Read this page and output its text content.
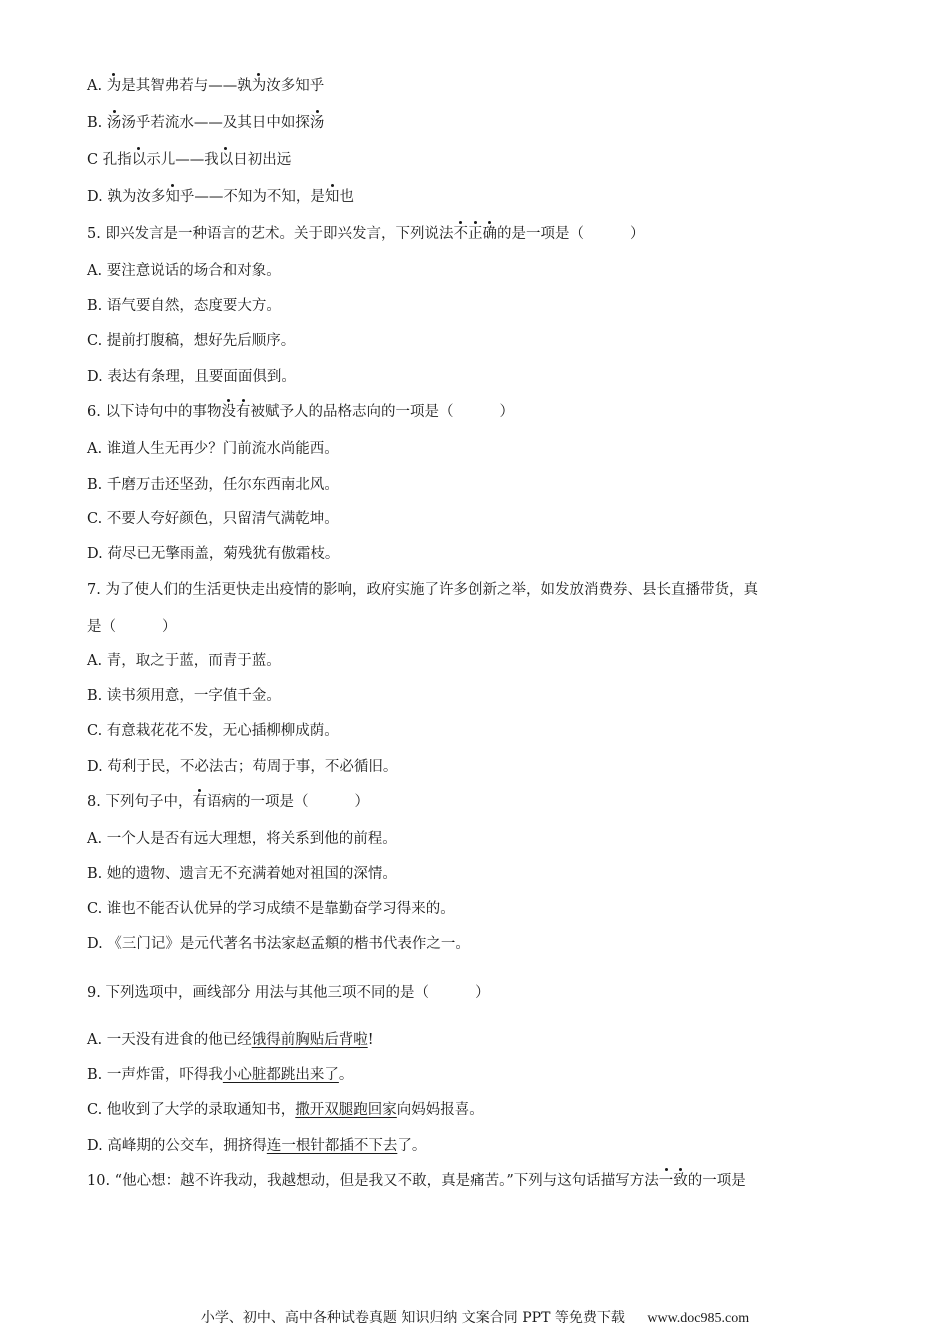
A. 为是其智弗若与——孰为汝多知乎
B. 汤汤乎若流水——及其日中如探汤
C 孔指以示儿——我以日初出远
D. 孰为汝多知乎——不知为不知，是知也
5. 即兴发言是一种语言的艺术。关于即兴发言，下列说法不正确的是一项是（	）
A. 要注意说话的场合和对象。
B. 语气要自然，态度要大方。
C. 提前打腹稿，想好先后顺序。
D. 表达有条理，且要面面俱到。
6. 以下诗句中的事物没有被赋予人的品格志向的一项是（	）
A. 谁道人生无再少？门前流水尚能西。
B. 千磨万击还坚劲，任尔东西南北风。
C. 不要人夸好颜色，只留清气满乾坤。
D. 荷尽已无擎雨盖，菊残犹有傲霜枝。
7. 为了使人们的生活更快走出疫情的影响，政府实施了许多创新之举，如发放消费券、县长直播带货，真
是（	）
A. 青，取之于蓝，而青于蓝。
B. 读书须用意，一字值千金。
C. 有意栽花花不发，无心插柳柳成荫。
D. 苟利于民，不必法古；苟周于事，不必循旧。
8. 下列句子中，有语病的一项是（	）
A. 一个人是否有远大理想，将关系到他的前程。
B. 她的遗物、遗言无不充满着她对祖国的深情。
C. 谁也不能否认优异的学习成绩不是靠勤奋学习得来的。
D. 《三门记》是元代著名书法家赵孟頫的楷书代表作之一。
9. 下列选项中，画线部分 用法与其他三项不同的是（	）
A. 一天没有进食的他已经饿得前胸贴后背啦!
B. 一声炸雷，吓得我小心脏都跳出来了。
C. 他收到了大学的录取通知书，撒开双腿跑回家向妈妈报喜。
D. 高峰期的公交车，拥挤得连一根针都插不下去了。
10. “他心想：越不许我动，我越想动，但是我又不敢，真是痛苦。”下列与这句话描写方法一致的一项是
小学、初中、高中各种试卷真题 知识归纳 文案合同 PPT 等免费下载 www.doc985.com
